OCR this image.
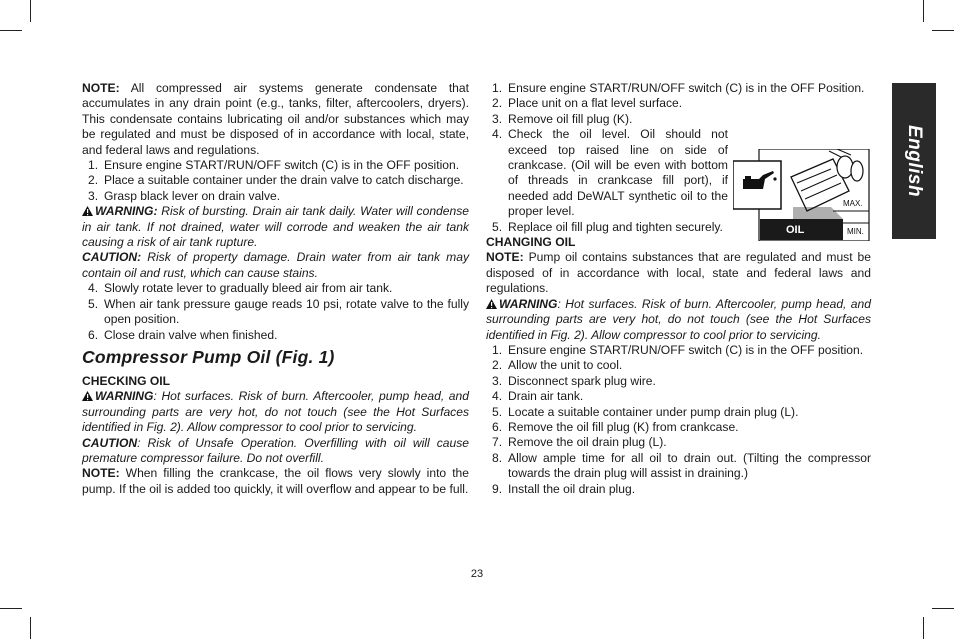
NOTE: All compressed air systems generate condensate that accumulates in any drain point (e.g., tanks, filter, aftercoolers, dryers). This condensate contains lubricating oil and/or substances which may be regulated and must be disposed of in accordance with local, state, and federal laws and regulations.

1. Ensure engine START/RUN/OFF switch (C) is in the OFF position.
2. Place a suitable container under the drain valve to catch discharge.
3. Grasp black lever on drain valve.

WARNING: Risk of bursting. Drain air tank daily. Water will condense in air tank. If not drained, water will corrode and weaken the air tank causing a risk of air tank rupture.

CAUTION: Risk of property damage. Drain water from air tank may contain oil and rust, which can cause stains.

4. Slowly rotate lever to gradually bleed air from air tank.
5. When air tank pressure gauge reads 10 psi, rotate valve to the fully open position.
6. Close drain valve when finished.
Compressor Pump Oil (Fig. 1)
CHECKING OIL

WARNING: Hot surfaces. Risk of burn. Aftercooler, pump head, and surrounding parts are very hot, do not touch (see the Hot Surfaces identified in Fig. 2). Allow compressor to cool prior to servicing.

CAUTION: Risk of Unsafe Operation. Overfilling with oil will cause premature compressor failure. Do not overfill.

NOTE: When filling the crankcase, the oil flows very slowly into the pump. If the oil is added too quickly, it will overflow and appear to be full.

1. Ensure engine START/RUN/OFF switch (C) is in the OFF Position.
2. Place unit on a flat level surface.
3. Remove oil fill plug (K).
4. Check the oil level. Oil should not exceed top raised line on side of crankcase. (Oil will be even with bottom of threads in crankcase fill port), if needed add DeWALT synthetic oil to the proper level.
5. Replace oil fill plug and tighten securely.
CHANGING OIL

NOTE: Pump oil contains substances that are regulated and must be disposed of in accordance with local, state and federal laws and regulations.

WARNING: Hot surfaces. Risk of burn. Aftercooler, pump head, and surrounding parts are very hot, do not touch (see the Hot Surfaces identified in Fig. 2). Allow compressor to cool prior to servicing.

1. Ensure engine START/RUN/OFF switch (C) is in the OFF position.
2. Allow the unit to cool.
3. Disconnect spark plug wire.
4. Drain air tank.
5. Locate a suitable container under pump drain plug (L).
6. Remove the oil fill plug (K) from crankcase.
7. Remove the oil drain plug (L).
8. Allow ample time for all oil to drain out. (Tilting the compressor towards the drain plug will assist in draining.)
9. Install the oil drain plug.
MAX.
MIN.
OIL
English
23
